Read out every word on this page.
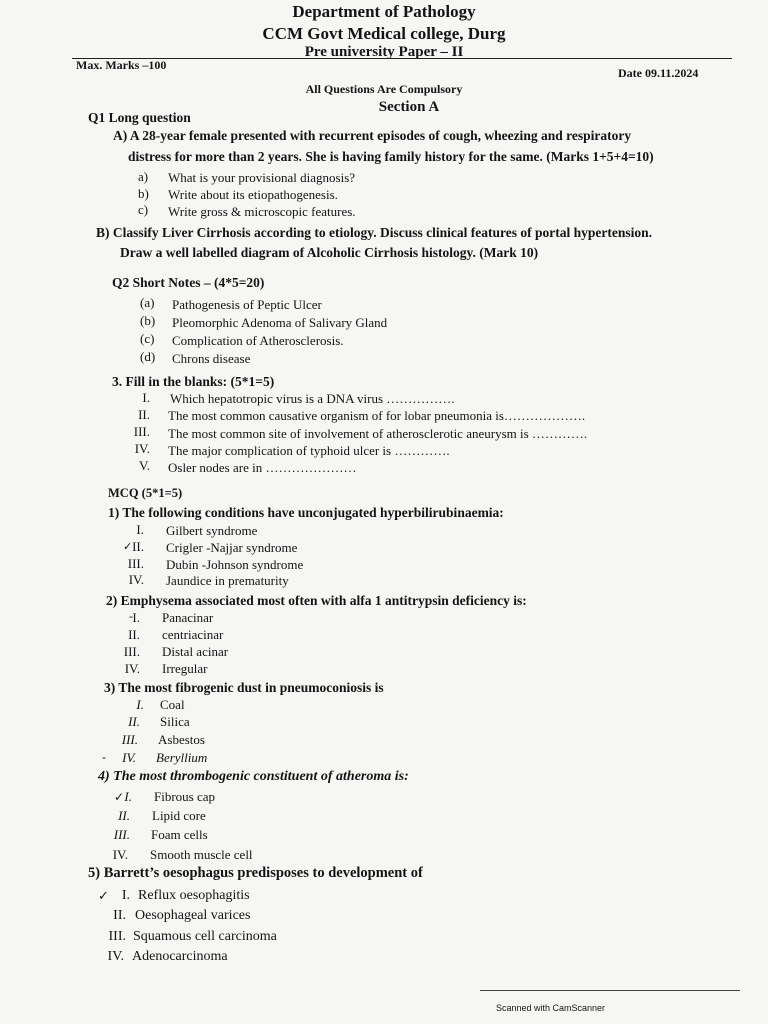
Department of Pathology
CCM Govt Medical college, Durg
Pre university Paper – II
Max. Marks –100
Date 09.11.2024
All Questions Are Compulsory
Section A
Q1 Long question
A) A 28-year female presented with recurrent episodes of cough, wheezing and respiratory
distress for more than 2 years. She is having family history for the same. (Marks 1+5+4=10)
a) What is your provisional diagnosis?
b) Write about its etiopathogenesis.
c) Write gross & microscopic features.
B) Classify Liver Cirrhosis according to etiology. Discuss clinical features of portal hypertension.
Draw a well labelled diagram of Alcoholic Cirrhosis histology. (Mark 10)
Q2 Short Notes – (4*5=20)
(a) Pathogenesis of Peptic Ulcer
(b) Pleomorphic Adenoma of Salivary Gland
(c) Complication of Atherosclerosis.
(d) Chrons disease
3. Fill in the blanks: (5*1=5)
I. Which hepatotropic virus is a DNA virus …………….
II. The most common causative organism of for lobar pneumonia is……………….
III. The most common site of involvement of atherosclerotic aneurysm is ………….
IV. The major complication of typhoid ulcer is ………….
V. Osler nodes are in …………………
MCQ (5*1=5)
1) The following conditions have unconjugated hyperbilirubinaemia:
I. Gilbert syndrome
✓ II. Crigler -Najjar syndrome
III. Dubin -Johnson syndrome
IV. Jaundice in prematurity
2) Emphysema associated most often with alfa 1 antitrypsin deficiency is:
- I. Panacinar
II. centriacinar
III. Distal acinar
IV. Irregular
3) The most fibrogenic dust in pneumoconiosis is
I. Coal
II. Silica
III. Asbestos
-	IV. Beryllium
4) The most thrombogenic constituent of atheroma is:
✓ I. Fibrous cap
II. Lipid core
III. Foam cells
IV. Smooth muscle cell
5) Barrett’s oesophagus predisposes to development of
✓ I. Reflux oesophagitis
II. Oesophageal varices
III. Squamous cell carcinoma
IV. Adenocarcinoma
Scanned with CamScanner
